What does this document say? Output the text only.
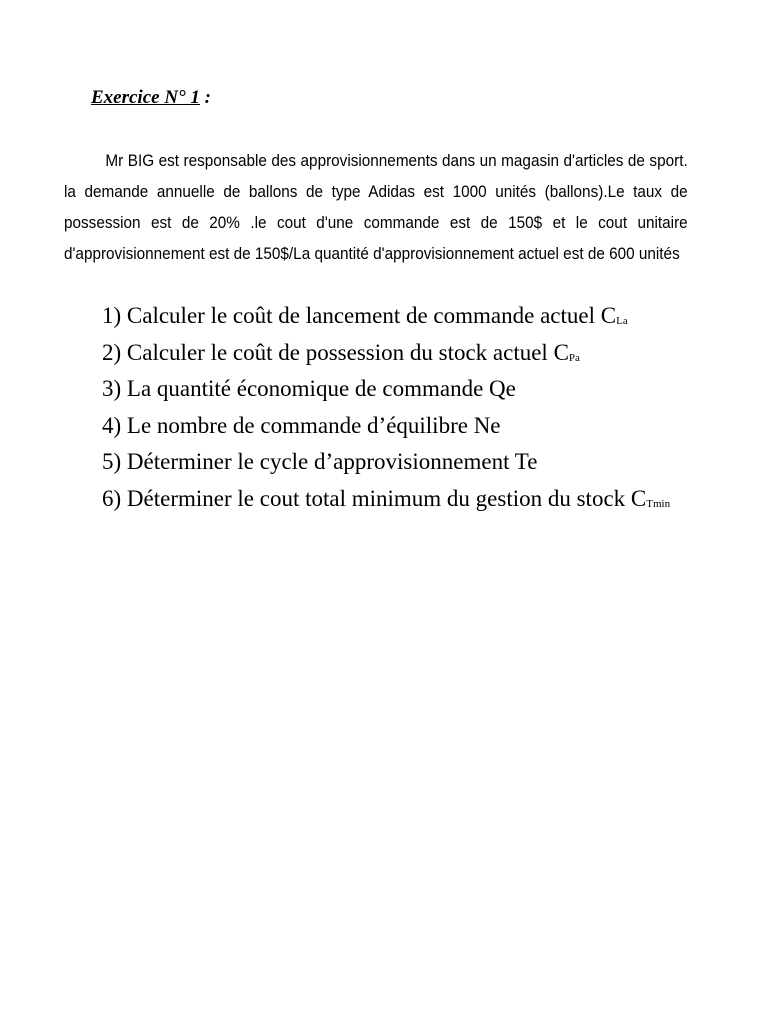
Exercice N° 1 :

Mr BIG est responsable des approvisionnements dans un magasin d'articles de sport. la demande annuelle de ballons de type Adidas est 1000 unités (ballons).Le taux de possession est de 20% .le cout d'une commande est de 150$ et le cout unitaire d'approvisionnement est de 150$/La quantité d'approvisionnement actuel est de 600 unités

1) Calculer le coût de lancement de commande actuel $C_{La}$
2) Calculer le coût de possession du stock actuel $C_{Pa}$
3) La quantité économique de commande Qe
4) Le nombre de commande d’équilibre Ne
5) Déterminer le cycle d’approvisionnement Te
6) Déterminer le cout total minimum du gestion du stock $C_{Tmin}$
